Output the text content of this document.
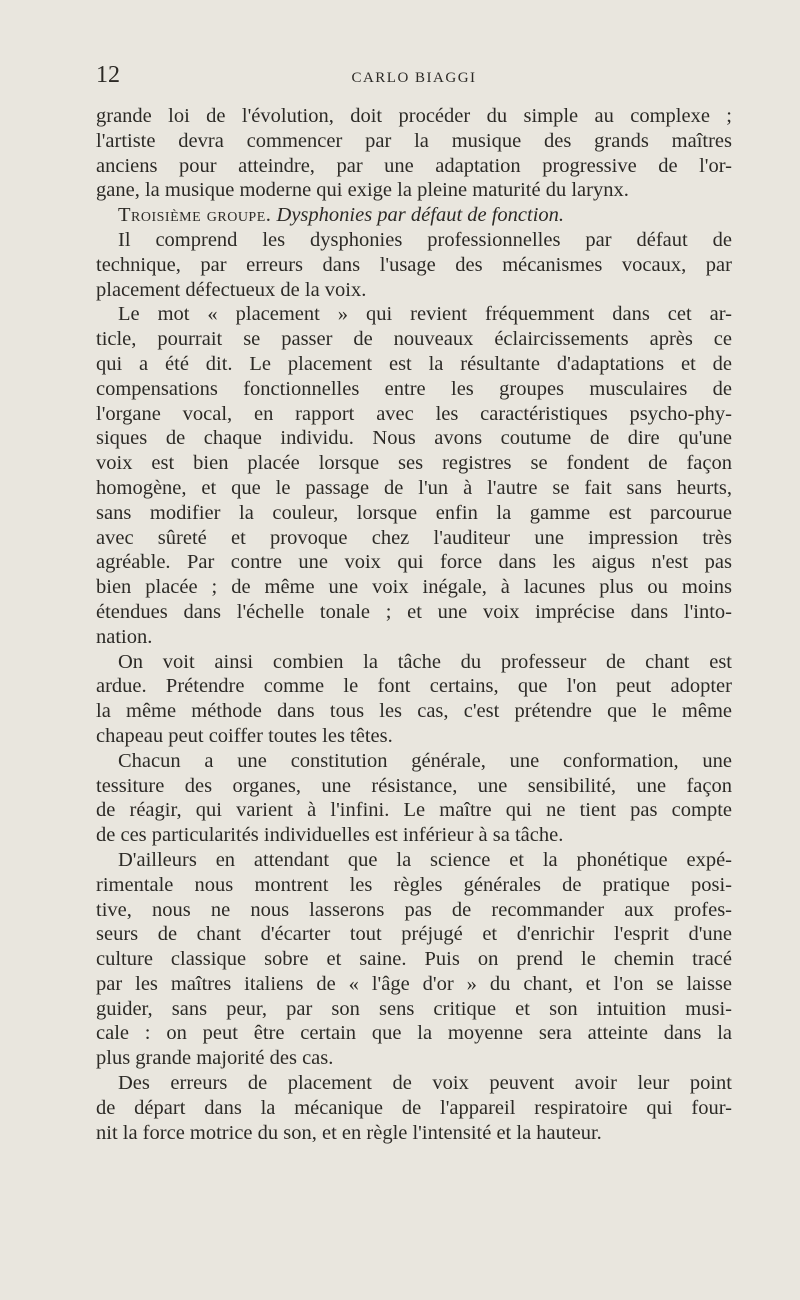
12	CARLO BIAGGI
grande loi de l'évolution, doit procéder du simple au complexe ;
l'artiste devra commencer par la musique des grands maîtres
anciens pour atteindre, par une adaptation progressive de l'or-
gane, la musique moderne qui exige la pleine maturité du larynx.
Troisième groupe. Dysphonies par défaut de fonction.
Il comprend les dysphonies professionnelles par défaut de
technique, par erreurs dans l'usage des mécanismes vocaux, par
placement défectueux de la voix.
Le mot « placement » qui revient fréquemment dans cet ar-
ticle, pourrait se passer de nouveaux éclaircissements après ce
qui a été dit. Le placement est la résultante d'adaptations et de
compensations fonctionnelles entre les groupes musculaires de
l'organe vocal, en rapport avec les caractéristiques psycho-phy-
siques de chaque individu. Nous avons coutume de dire qu'une
voix est bien placée lorsque ses registres se fondent de façon
homogène, et que le passage de l'un à l'autre se fait sans heurts,
sans modifier la couleur, lorsque enfin la gamme est parcourue
avec sûreté et provoque chez l'auditeur une impression très
agréable. Par contre une voix qui force dans les aigus n'est pas
bien placée ; de même une voix inégale, à lacunes plus ou moins
étendues dans l'échelle tonale ; et une voix imprécise dans l'into-
nation.
On voit ainsi combien la tâche du professeur de chant est
ardue. Prétendre comme le font certains, que l'on peut adopter
la même méthode dans tous les cas, c'est prétendre que le même
chapeau peut coiffer toutes les têtes.
Chacun a une constitution générale, une conformation, une
tessiture des organes, une résistance, une sensibilité, une façon
de réagir, qui varient à l'infini. Le maître qui ne tient pas compte
de ces particularités individuelles est inférieur à sa tâche.
D'ailleurs en attendant que la science et la phonétique expé-
rimentale nous montrent les règles générales de pratique posi-
tive, nous ne nous lasserons pas de recommander aux profes-
seurs de chant d'écarter tout préjugé et d'enrichir l'esprit d'une
culture classique sobre et saine. Puis on prend le chemin tracé
par les maîtres italiens de « l'âge d'or » du chant, et l'on se laisse
guider, sans peur, par son sens critique et son intuition musi-
cale : on peut être certain que la moyenne sera atteinte dans la
plus grande majorité des cas.
Des erreurs de placement de voix peuvent avoir leur point
de départ dans la mécanique de l'appareil respiratoire qui four-
nit la force motrice du son, et en règle l'intensité et la hauteur.
